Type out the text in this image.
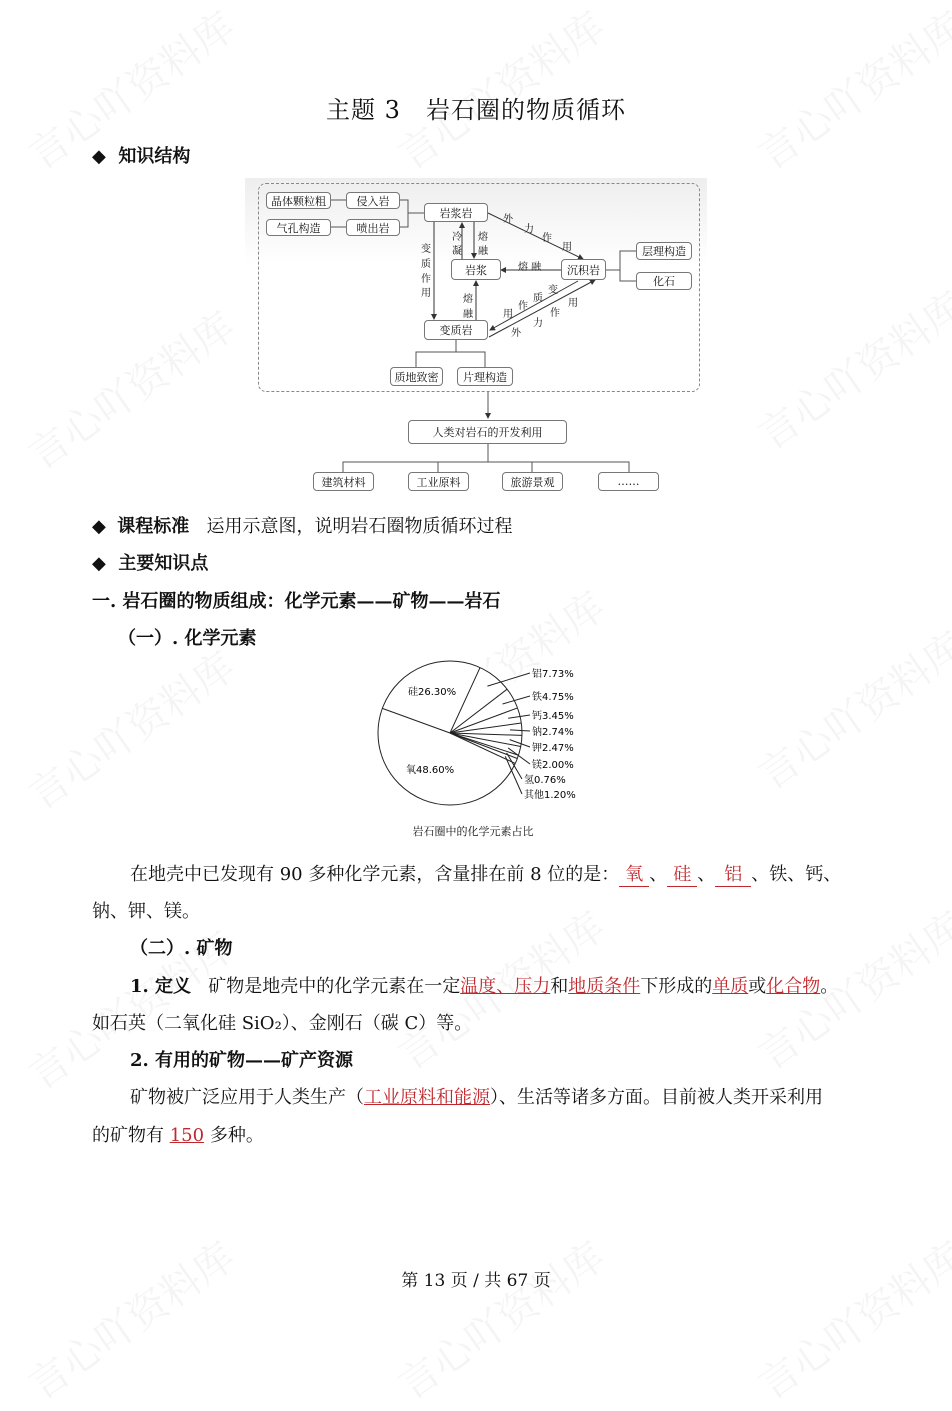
主题 3　岩石圈的物质循环
◆ 知识结构
晶体颗粒粗	侵入岩
气孔构造	喷出岩
岩浆岩
岩浆	沉积岩
层理构造
化石
变质岩
质地致密	片理构造
人类对岩石的开发利用
建筑材料	工业原料	旅游景观	……
外
力
作
用
冷
凝
熔
融
熔 融
熔
融
变
质
作
用	变
质
作
用
用
作
力
外
◆ 课程标准 运用示意图，说明岩石圈物质循环过程
◆ 主要知识点
一. 岩石圈的物质组成：化学元素——矿物——岩石
（一）. 化学元素
硅26.30%
铝7.73%
铁4.75%
钙3.45%
钠2.74%
钾2.47%
镁2.00%
氢0.76%
其他1.20%
氧48.60%
岩石圈中的化学元素占比
在地壳中已发现有 90 多种化学元素，含量排在前 8 位的是： 氧 、 硅 、 铝 、铁、钙、
钠、钾、镁。
（二）. 矿物
1. 定义 矿物是地壳中的化学元素在一定温度、压力和地质条件下形成的单质或化合物。
如石英（二氧化硅 SiO₂）、金刚石（碳 C）等。
2. 有用的矿物——矿产资源
矿物被广泛应用于人类生产（工业原料和能源）、生活等诸多方面。目前被人类开采利用
的矿物有 150 多种。
第 13 页 / 共 67 页
